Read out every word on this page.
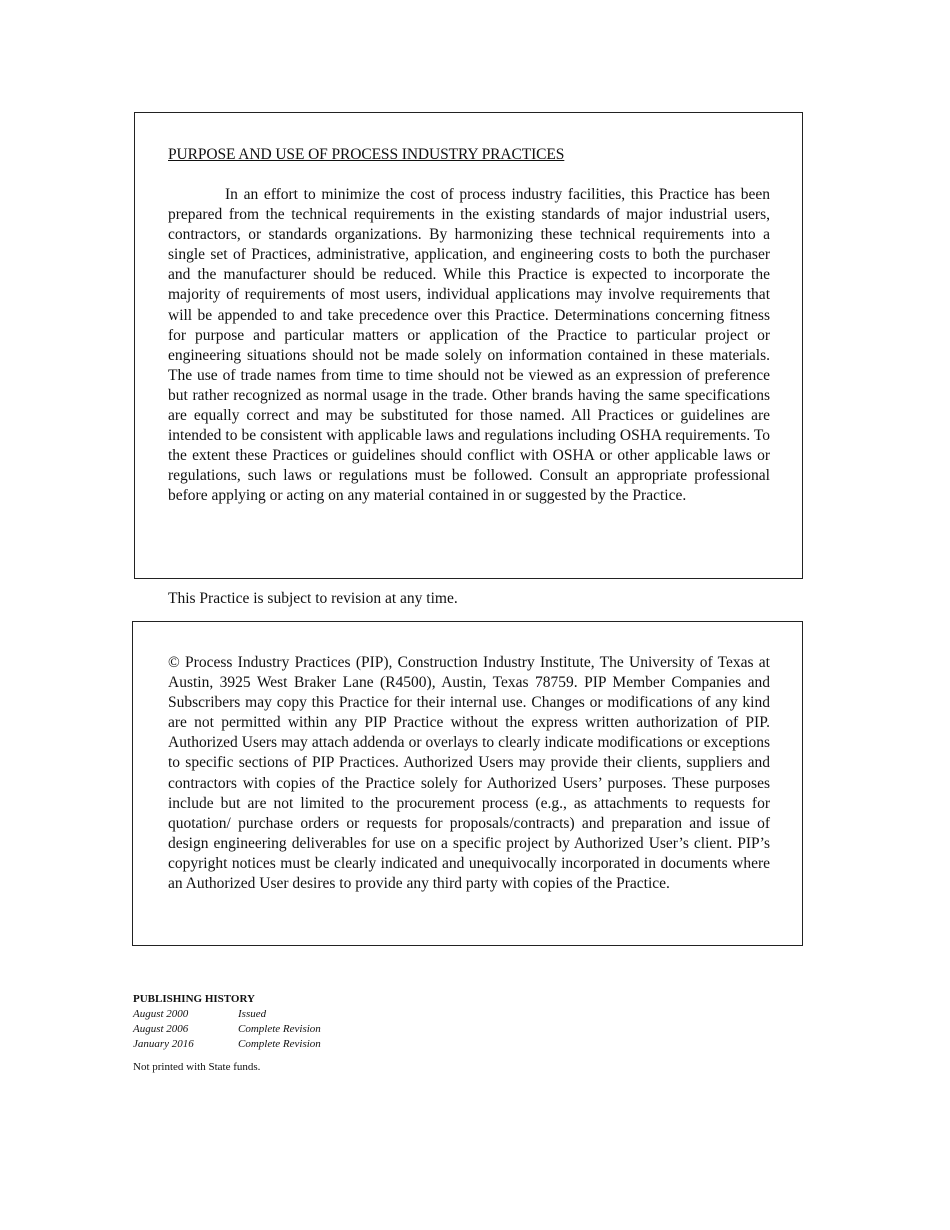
PURPOSE AND USE OF PROCESS INDUSTRY PRACTICES

In an effort to minimize the cost of process industry facilities, this Practice has been prepared from the technical requirements in the existing standards of major industrial users, contractors, or standards organizations. By harmonizing these technical requirements into a single set of Practices, administrative, application, and engineering costs to both the purchaser and the manufacturer should be reduced. While this Practice is expected to incorporate the majority of requirements of most users, individual applications may involve requirements that will be appended to and take precedence over this Practice. Determinations concerning fitness for purpose and particular matters or application of the Practice to particular project or engineering situations should not be made solely on information contained in these materials. The use of trade names from time to time should not be viewed as an expression of preference but rather recognized as normal usage in the trade. Other brands having the same specifications are equally correct and may be substituted for those named. All Practices or guidelines are intended to be consistent with applicable laws and regulations including OSHA requirements. To the extent these Practices or guidelines should conflict with OSHA or other applicable laws or regulations, such laws or regulations must be followed. Consult an appropriate professional before applying or acting on any material contained in or suggested by the Practice.

This Practice is subject to revision at any time.

© Process Industry Practices (PIP), Construction Industry Institute, The University of Texas at Austin, 3925 West Braker Lane (R4500), Austin, Texas 78759. PIP Member Companies and Subscribers may copy this Practice for their internal use. Changes or modifications of any kind are not permitted within any PIP Practice without the express written authorization of PIP. Authorized Users may attach addenda or overlays to clearly indicate modifications or exceptions to specific sections of PIP Practices. Authorized Users may provide their clients, suppliers and contractors with copies of the Practice solely for Authorized Users’ purposes. These purposes include but are not limited to the procurement process (e.g., as attachments to requests for quotation/ purchase orders or requests for proposals/contracts) and preparation and issue of design engineering deliverables for use on a specific project by Authorized User’s client. PIP’s copyright notices must be clearly indicated and unequivocally incorporated in documents where an Authorized User desires to provide any third party with copies of the Practice.

PUBLISHING HISTORY
August 2000	Issued
August 2006	Complete Revision
January 2016	Complete Revision
Not printed with State funds.
